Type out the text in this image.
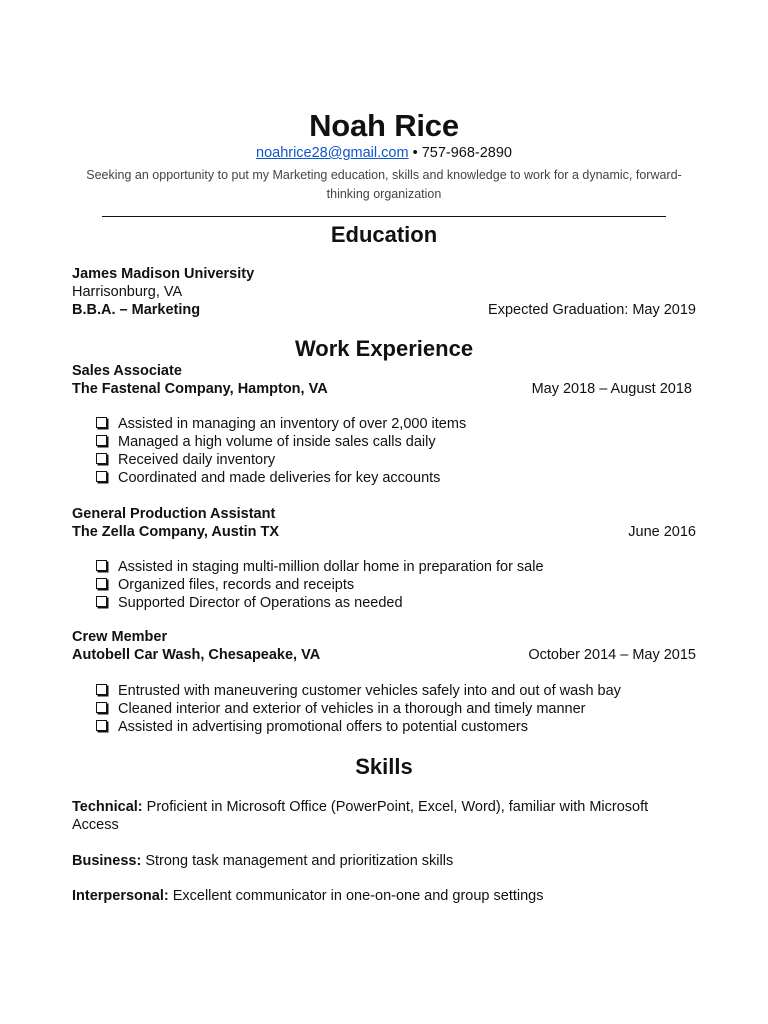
Noah Rice
noahrice28@gmail.com • 757-968-2890
Seeking an opportunity to put my Marketing education, skills and knowledge to work for a dynamic, forward-thinking organization
Education
James Madison University
Harrisonburg, VA
B.B.A. – Marketing	Expected Graduation: May 2019
Work Experience
Sales Associate
The Fastenal Company, Hampton, VA	May 2018 – August 2018
Assisted in managing an inventory of over 2,000 items
Managed a high volume of inside sales calls daily
Received daily inventory
Coordinated and made deliveries for key accounts
General Production Assistant
The Zella Company, Austin TX	June 2016
Assisted in staging multi-million dollar home in preparation for sale
Organized files, records and receipts
Supported Director of Operations as needed
Crew Member
Autobell Car Wash, Chesapeake, VA	October 2014 – May 2015
Entrusted with maneuvering customer vehicles safely into and out of wash bay
Cleaned interior and exterior of vehicles in a thorough and timely manner
Assisted in advertising promotional offers to potential customers
Skills
Technical: Proficient in Microsoft Office (PowerPoint, Excel, Word), familiar with Microsoft Access
Business: Strong task management and prioritization skills
Interpersonal: Excellent communicator in one-on-one and group settings
